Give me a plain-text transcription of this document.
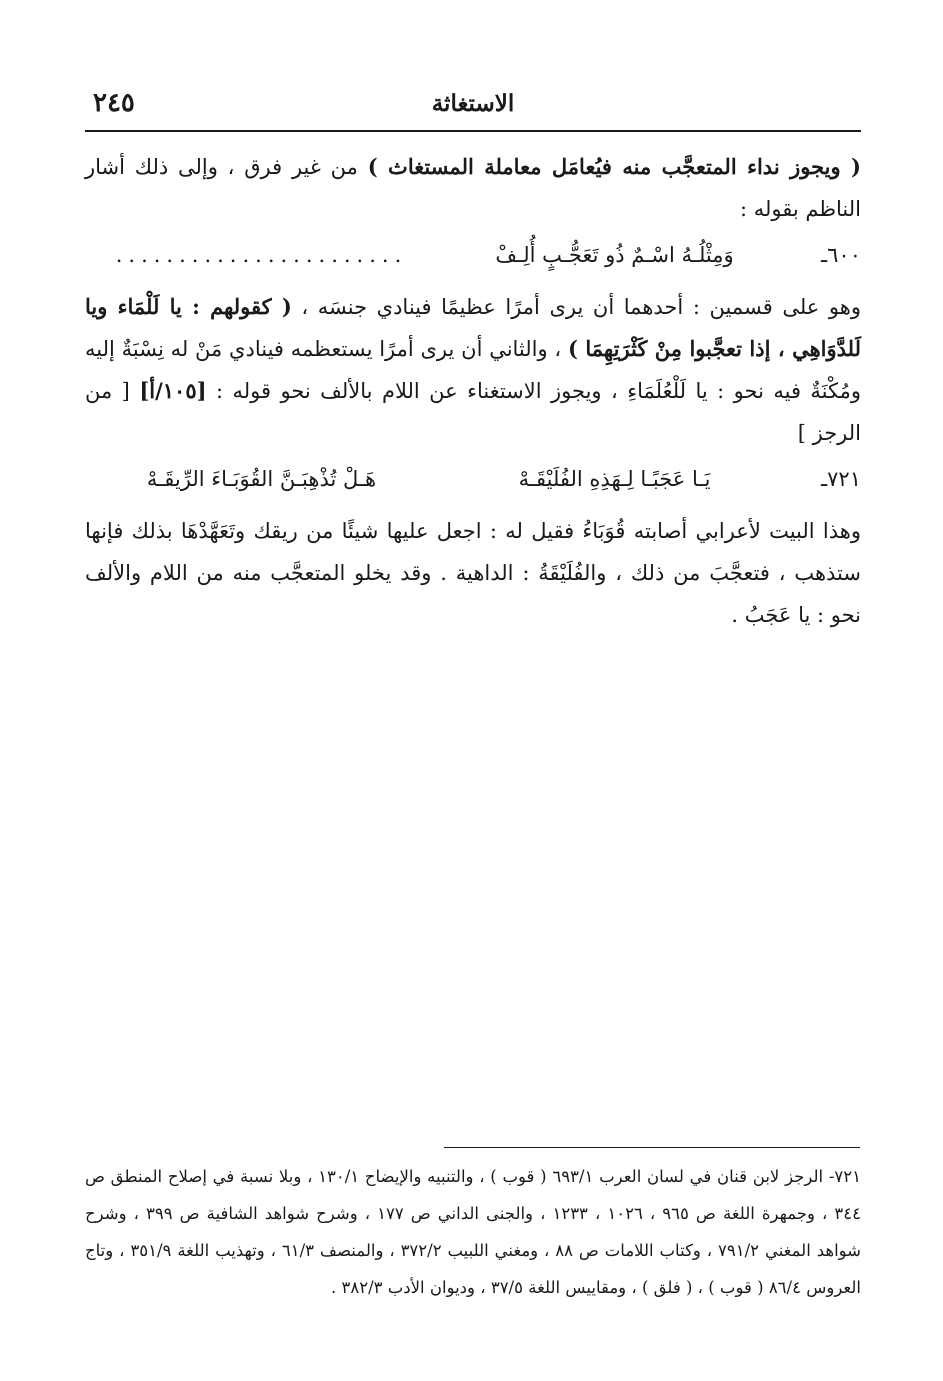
الاستغاثة
٢٤٥

( ويجوز نداء المتعجَّب منه فيُعامَل معاملة المستغاث ) من غير فرق ، وإلى ذلك أشار الناظم بقوله :

٦٠٠ـ
وَمِثْلُـهُ اسْـمٌ ذُو تَعَجُّـبٍ أُلِـفْ
.......................

وهو على قسمين : أحدهما أن يرى أمرًا عظيمًا فينادي جنسَه ، ( كقولهم : يا لَلْمَاء ويا لَلدَّوَاهِي ، إذا تعجَّبوا مِنْ كَثْرَتِهِمَا ) ، والثاني أن يرى أمرًا يستعظمه فينادي مَنْ له نِسْبَةٌ إليه ومُكْنَةٌ فيه نحو : يا لَلْعُلَمَاءِ ، ويجوز الاستغناء عن اللام بالألف نحو قوله : [١٠٥/أ] [ من الرجز ]

٧٢١ـ
يَـا عَجَبًـا لِـهَذِهِ الفُلَيْقَـهْ
هَـلْ تُذْهِبَـنَّ القُوَبَـاءَ الرِّيقَـهْ

وهذا البيت لأعرابي أصابته قُوَبَاءُ فقيل له : اجعل عليها شيئًا من ريقك وتَعَهَّدْهَا بذلك فإنها ستذهب ، فتعجَّبَ من ذلك ، والفُلَيْقَةُ : الداهية . وقد يخلو المتعجَّب منه من اللام والألف نحو : يا عَجَبُ .

٧٢١- الرجز لابن قنان في لسان العرب ٦٩٣/١ ( قوب ) ، والتنبيه والإيضاح ١٣٠/١ ، وبلا نسبة في إصلاح المنطق ص ٣٤٤ ، وجمهرة اللغة ص ٩٦٥ ، ١٠٢٦ ، ١٢٣٣ ، والجنى الداني ص ١٧٧ ، وشرح شواهد الشافية ص ٣٩٩ ، وشرح شواهد المغني ٧٩١/٢ ، وكتاب اللامات ص ٨٨ ، ومغني اللبيب ٣٧٢/٢ ، والمنصف ٦١/٣ ، وتهذيب اللغة ٣٥١/٩ ، وتاج العروس ٨٦/٤ ( قوب ) ، ( فلق ) ، ومقاييس اللغة ٣٧/٥ ، وديوان الأدب ٣٨٢/٣ .
